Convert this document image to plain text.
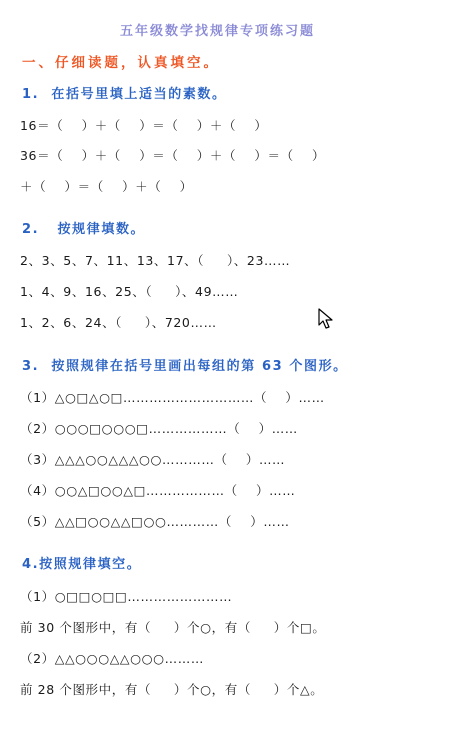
五年级数学找规律专项练习题
一、仔细读题，认真填空。
1.  在括号里填上适当的素数。
16＝（    ）＋（    ）＝（    ）＋（    ）
36＝（    ）＋（    ）＝（    ）＋（    ）＝（    ）
＋（    ）＝（    ）＋（    ）
2.   按规律填数。
2、3、5、7、11、13、17、（     ）、23……
1、4、9、16、25、（     ）、49……
1、2、6、24、（     ）、720……
3.  按照规律在括号里画出每组的第 63 个图形。
（1）△○□△○□…………………………（    ）……
（2）○○○□○○○□………………（    ）……
（3）△△△○○△△△○○…………（    ）……
（4）○○△□○○△□………………（    ）……
（5）△△□○○△△□○○…………（    ）……
4.按照规律填空。
（1）○□□○□□……………………
前 30 个图形中，有（     ）个○，有（     ）个□。
（2）△△○○○△△○○○………
前 28 个图形中，有（     ）个○，有（     ）个△。
